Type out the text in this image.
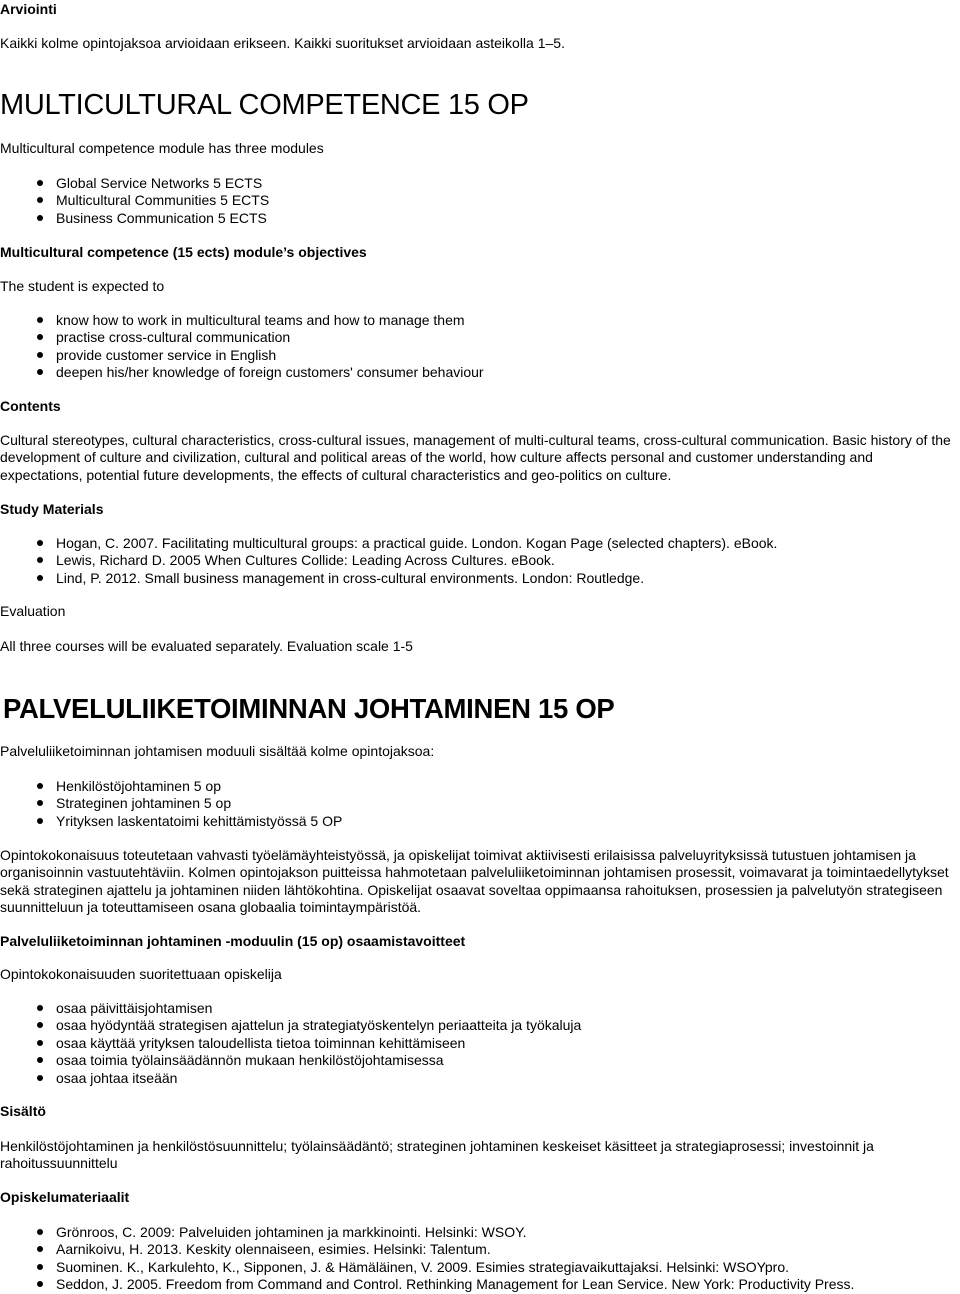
Arviointi
Kaikki kolme opintojaksoa arvioidaan erikseen. Kaikki suoritukset arvioidaan asteikolla 1–5.
MULTICULTURAL COMPETENCE 15 OP
Multicultural competence module has three modules
Global Service Networks 5 ECTS
Multicultural Communities 5 ECTS
Business Communication 5 ECTS
Multicultural competence (15 ects) module’s objectives
The student is expected to
know how to work in multicultural teams and how to manage them
practise cross-cultural communication
provide customer service in English
deepen his/her knowledge of foreign customers' consumer behaviour
Contents
Cultural stereotypes, cultural characteristics, cross-cultural issues, management of multi-cultural teams, cross-cultural communication. Basic history of the development of culture and civilization, cultural and political areas of the world, how culture affects personal and customer understanding and expectations, potential future developments, the effects of cultural characteristics and geo-politics on culture.
Study Materials
Hogan, C. 2007. Facilitating multicultural groups: a practical guide. London. Kogan Page (selected chapters). eBook.
Lewis, Richard D. 2005 When Cultures Collide: Leading Across Cultures. eBook.
Lind, P. 2012. Small business management in cross-cultural environments. London: Routledge.
Evaluation
All three courses will be evaluated separately. Evaluation scale 1-5
PALVELULIIKETOIMINNAN JOHTAMINEN 15 OP
Palveluliiketoiminnan johtamisen moduuli sisältää kolme opintojaksoa:
Henkilöstöjohtaminen 5 op
Strateginen johtaminen 5 op
Yrityksen laskentatoimi kehittämistyössä 5 OP
Opintokokonaisuus toteutetaan vahvasti työelämäyhteistyössä, ja opiskelijat toimivat aktiivisesti erilaisissa palveluyrityksissä tutustuen johtamisen ja organisoinnin vastuutehtäviin. Kolmen opintojakson puitteissa hahmotetaan palveluliiketoiminnan johtamisen prosessit, voimavarat ja toimintaedellytykset sekä strateginen ajattelu ja johtaminen niiden lähtökohtina. Opiskelijat osaavat soveltaa oppimaansa rahoituksen, prosessien ja palvelutyön strategiseen suunnitteluun ja toteuttamiseen osana globaalia toimintaympäristöä.
Palveluliiketoiminnan johtaminen -moduulin (15 op) osaamistavoitteet
Opintokokonaisuuden suoritettuaan opiskelija
osaa päivittäisjohtamisen
osaa hyödyntää strategisen ajattelun ja strategiatyöskentelyn periaatteita ja työkaluja
osaa käyttää yrityksen taloudellista tietoa toiminnan kehittämiseen
osaa toimia työlainsäädännön mukaan henkilöstöjohtamisessa
osaa johtaa itseään
Sisältö
Henkilöstöjohtaminen ja henkilöstösuunnittelu; työlainsäädäntö; strateginen johtaminen keskeiset käsitteet ja strategiaprosessi; investoinnit ja rahoitussuunnittelu
Opiskelumateriaalit
Grönroos, C. 2009: Palveluiden johtaminen ja markkinointi. Helsinki: WSOY.
Aarnikoivu, H. 2013. Keskity olennaiseen, esimies. Helsinki: Talentum.
Suominen. K., Karkulehto, K., Sipponen, J. & Hämäläinen, V. 2009. Esimies strategiavaikuttajaksi. Helsinki: WSOYpro.
Seddon, J. 2005. Freedom from Command and Control. Rethinking Management for Lean Service. New York: Productivity Press.
